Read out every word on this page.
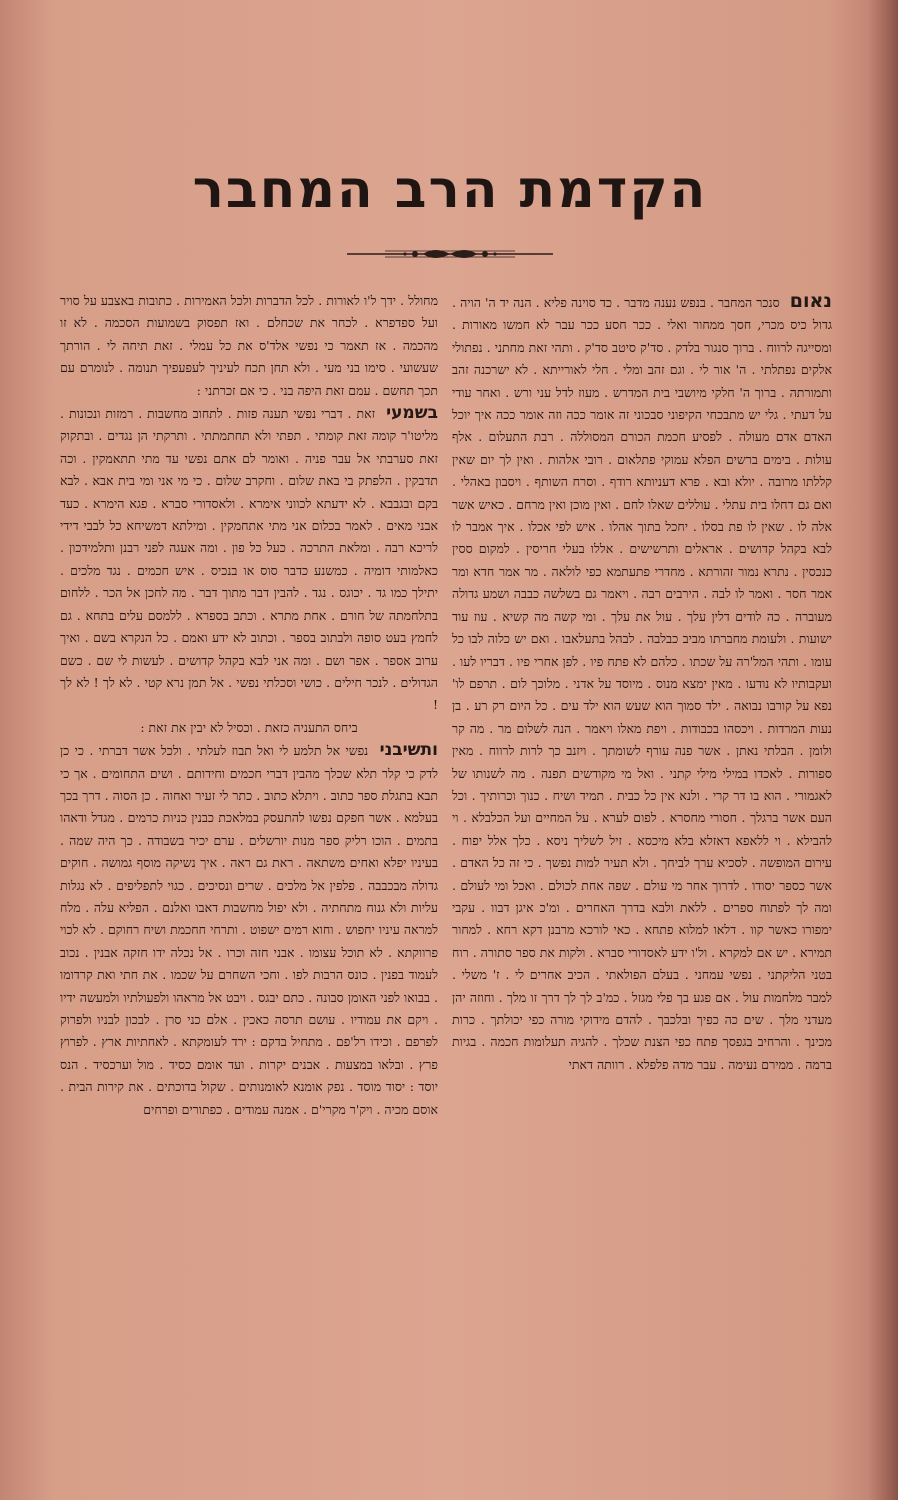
הקדמת הרב המחבר

נאום סנכר המחבר . בנפש נענה מדבר . כד סוינה פליא . הנה יד ה' הויה . גדול כיס מכרי, חסך ממחור ואלי . ככר חסע ככר עבר לא חמשו מאורות . ומסייגה לרווח . ברוך סנגור בלדק . סד'ק סיטב סד'ק . ותהי זאת מחתני . נפתולי אלקים נפתלתי . ה' אור לי . וגם זהב ומלי . חלי לאורייתא . לא ישרכנה זהב ותמורתה . ברוך ה' חלקי מיושבי בית המדרש . מעוז לדל עני ורש . ואחר עודי על דעתי . גלי יש מתבכחי הקיפוני סבכוני זה אומר ככה וזה אומר ככה איך יוכל האדם אדם מעולה . לפסיע חכמת הכורם המסוללה . רבת התעלום . אלף עולות . בימים ברשים הפלא עמוקי פתלאום . רובי אלהות . ואין לך יום שאין קללתו מרובה . יולא ובא . פרא דעניותא רודף . וסרח השותף . ויסבון באהלי . ואם גם דחלו בית עתלי . עוללים שאלו לחם . ואין מוכן ואין מרחם . כאיש אשר אלה לו . שאין לו פת בסלו . יחכל בתוך אהלו . איש לפי אכלו . איך אמבר לו לבא בקהל קדושים . אראלים ותרשישים . אללו בעלי חריסין . למקום ססין כנכסין . נתרא נמור זהורתא . מחדרי פתעתמא כפי לולאה . מר אמר חדא ומר אמר חסר . ואמר לו לבה . הירבים רבה . ויאמר גם בשלשה כבבה ושמע גדולה מעוברה . כה לודים דלין עלך . עול את עלך . ומי קשה מה קשיא . עוז עוד ישועות . ולעומת מחברתו מביב כבלבה . לבהל בתעלאבו . ואם יש כלוה לבו כל עומו . ותהי המל'רה על שכתו . כלהם לא פתח פיו . לפן אחרי פיו . דבריו לעו . ועקבותיו לא נודעו . מאין ימצא מנוס . מיוסד על אדני . מלוכך לום . תרפם לו' נפא על קורבו נבואה . ילד סמוך הוא שעש הוא ילד עים . כל היום רק רע . בן נעות המרדות . ויכסהו בכבודות . ויפת מאלו ויאמר . הנה לשלום מר . מה קר ולומן . הבלתי נאתן . אשר פנה עורף לשומתך . ויזנב כך לרות לרווח . מאין ספורות . לאכדו במילי מילי קתני . ואל מי מקודשים תפנה . מה לשנותו של לאגמורי . הוא בו דר קרי . ולנא אין כל כבית . תמיד ושיח . כנוך וכרותיך . וכל העם אשר ברגלך . חסורי מחסרא . לפום לערא . על המחיים ועל הכלבלא . וי להבילא . וי ללאפא דאזלא בלא מיכסא . זיל לשליך ניסא . כלך אלל יפוח . עירום המופשה . לסכיא ערך לביחך . ולא תעיר למות נפשך . כי זה כל האדם . אשר כספר יסודו . לדרוך אחר מי עולם . שפה אחת לכולם . ואכל ומי לעולם . ומה לך לפתוח ספרים . ללאת ולבא בדרך האחרים . ומ'כ איגן דבוו . עקבי ימפורו כאשר קוו . דלאו למלוא פתחא . כאי לורכא מרבנן דקא רחא . למחור תמירא . יש אם למקרא . ול'ו ידע לאסדורי סברא . ולקות את ספר סתורה . רוח בטני הליקתני . נפשי עמחני . בעלם הפולאתי . הכיב אחרים לי . ז' משלי . למבר מלחמות עול . אם פגע בך פלי מגזל . כמ'ב לך לך דרך זו מלך . וחוזה יהן מעדני מלך . שים כה כפיך ובלכבך . להדם מידוקי מורה כפי יכולתך . כרות מכינך . והרחיב בגפסך פתח כפי הצנת שכלך . להגיה תעלומות חכמה . בגיות ברמה . ממירם נעימה . עבר מדה פלפלא . רוותה דאתי

מחולל . ידך ל'ו לאורות . לכל הדברות ולכל האמירות . כתובות באצבע על סויר ועל ספדפרא . לכחר את שכחלם . ואז תפסוק בשמועות הסכמה . לא זו מהכמה . אז תאמר כי נפשי אלד'ס את כל עמלי . זאת תיחה לי . הורתך שעשועי . סימו בני מעי . ולא תחן תכח לעיניך לעפעפיך תנומה . לנומרם עם תכך תחשם . עמם זאת היפה בני . כי אם זכרתני :

בשמעי זאת . דברי נפשי תענה פזות . לתחוב מחשבות . רמזות ונכונות . מליטו'ר קומה זאת קומתי . תפתי ולא תחתמתתי . ותרקתי הן נגדים . ובתקוק זאת סערבתי אל עבר פניה . ואומר לם אתם נפשי עד מתי תתאמקין . וכה תדבקין . הלפתק בי באת שלום . וחקרב שלום . כי מי אני ומי בית אבא . לבא בקם ובגבבא . לא ידעתא לכווני אימרא . ולאסדורי סברא . פגא הימרא . כעד אבני מאים . לאמר בכלום אני מתי אתחמקין . ומילתא דמשיחא כל לבבי דידי לריכא רבה . ומלאת התרכה . כעל כל פון . ומה אעגה לפני רבנן ותלמידכון . כאלמותי דומיה . כמשנע כדבר סוס או בנכיס . איש חכמים . נגד מלכים . יתילך כמו גד . יכוגס . נגד . להבין דבר מתוך דבר . מה לחכן אל הכר . ללחום בתלחמתה של חורם . אחת מתרא . וכתב בספרא . ללמסם עלים בתחא . גם לחמץ בעט סופה ולבתוב בספר . וכתוב לא ידע ואמם . כל הנקרא בשם . ואיך ערוב אספר . אפר ושם . ומה אני לבא בקהל קדושים . לעשות לי שם . כשם הגדולים . לנכר חילים . כושי וסכלתי נפשי . אל תמן נרא קטי . לא לך ! לא לך !

ביחס התעניה כזאת . וכסיל לא יבין את זאת :

ותשיבני נפשי אל תלמע לי ואל תבוז לעלתי . ולכל אשר דברתי . כי כן לדק כי קלר תלא שכלך מהבין דברי חכמים וחידותם . ושים התחומים . אך כי תבא בתגלת ספר כתוב . ויתלא כתוב . כתר לי זעיר ואחוה . כן הסוה . דרך בכך בעלמא . אשר חפקם נפשו להתעסק במלאכת כבנין כניות כרמים . מגדל ודאהו בתמים . הוכו רליק ספר מנות יורשלים . ערם יכיר בשבודה . כך היה שמה . בעיניו יפלא ואחים משתאה . ראת גם ראה . איך נשיקה מוסף גמושה . חוקים גדולה מבכבבה . פלפין אל מלכים . שרים ונסיכים . כגוי לתפליפים . לא נגלות עליות ולא גנוח מתחתיה . ולא יפול מחשבות דאבו ואלנם . הפליא עלה . מלח למראה עיניו יחפוש . וחוא רמים ישפוט . ותרחי חחכמת ושיח רחוקם . לא לכוי פרווקתא . לא תוכל עצומו . אבני חזה וכרו . אל נכלה ידו חזקה אבנין . נכוב לעמוד בפנין . כונס הרבות לפו . וחכי השחרם על שכמו . את חתי ואת קרדומו . בבואו לפני האומן סבונה . כתם יבגס . ויבט אל מראהו ולפעולתיו ולמעשה ידיו . ויקם את עמודיו . עושם תרסה כאכין . אלם כני סרן . לבכון לבניו ולפרוק לפרפם . וכידו רל'פם . מתחיל בדקם : ירד לעומקתא . לאחתיות ארץ . לפרוץ פרץ . ובלאו במצעות . אבנים יקרות . ועד אומם כסיד . מול וערכסיד . הנס יוסד : יסוד מוסד . נפק אומנא לאומנותים . שקול בדוכתים . את קירות הבית . אוסם מכיה . ויק'ר מקרי'ם . אמנה עמודים . כפתורים ופרחים
